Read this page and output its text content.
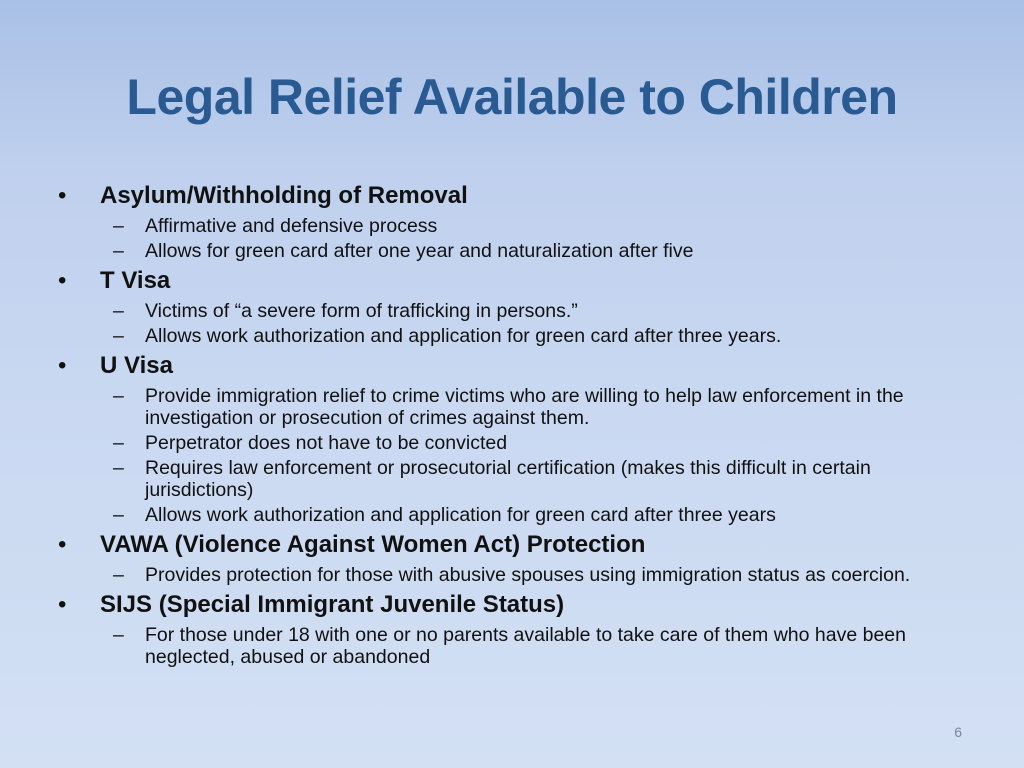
Legal Relief Available to Children
•	Asylum/Withholding of Removal
–	Affirmative and defensive process
–	Allows for green card after one year and naturalization after five
•	T Visa
–	Victims of “a severe form of trafficking in persons.”
–	Allows work authorization and application for green card after three years.
•	U Visa
–	Provide immigration relief to crime victims who are willing to help law enforcement in the investigation or prosecution of crimes against them.
–	Perpetrator does not have to be convicted
–	Requires law enforcement or prosecutorial certification (makes this difficult in certain jurisdictions)
–	Allows work authorization and application for green card after three years
•	VAWA (Violence Against Women Act) Protection
–	Provides protection for those with abusive spouses using immigration status as coercion.
•	SIJS (Special Immigrant Juvenile Status)
–	For those under 18 with one or no parents available to take care of them who have been neglected, abused or abandoned
6
